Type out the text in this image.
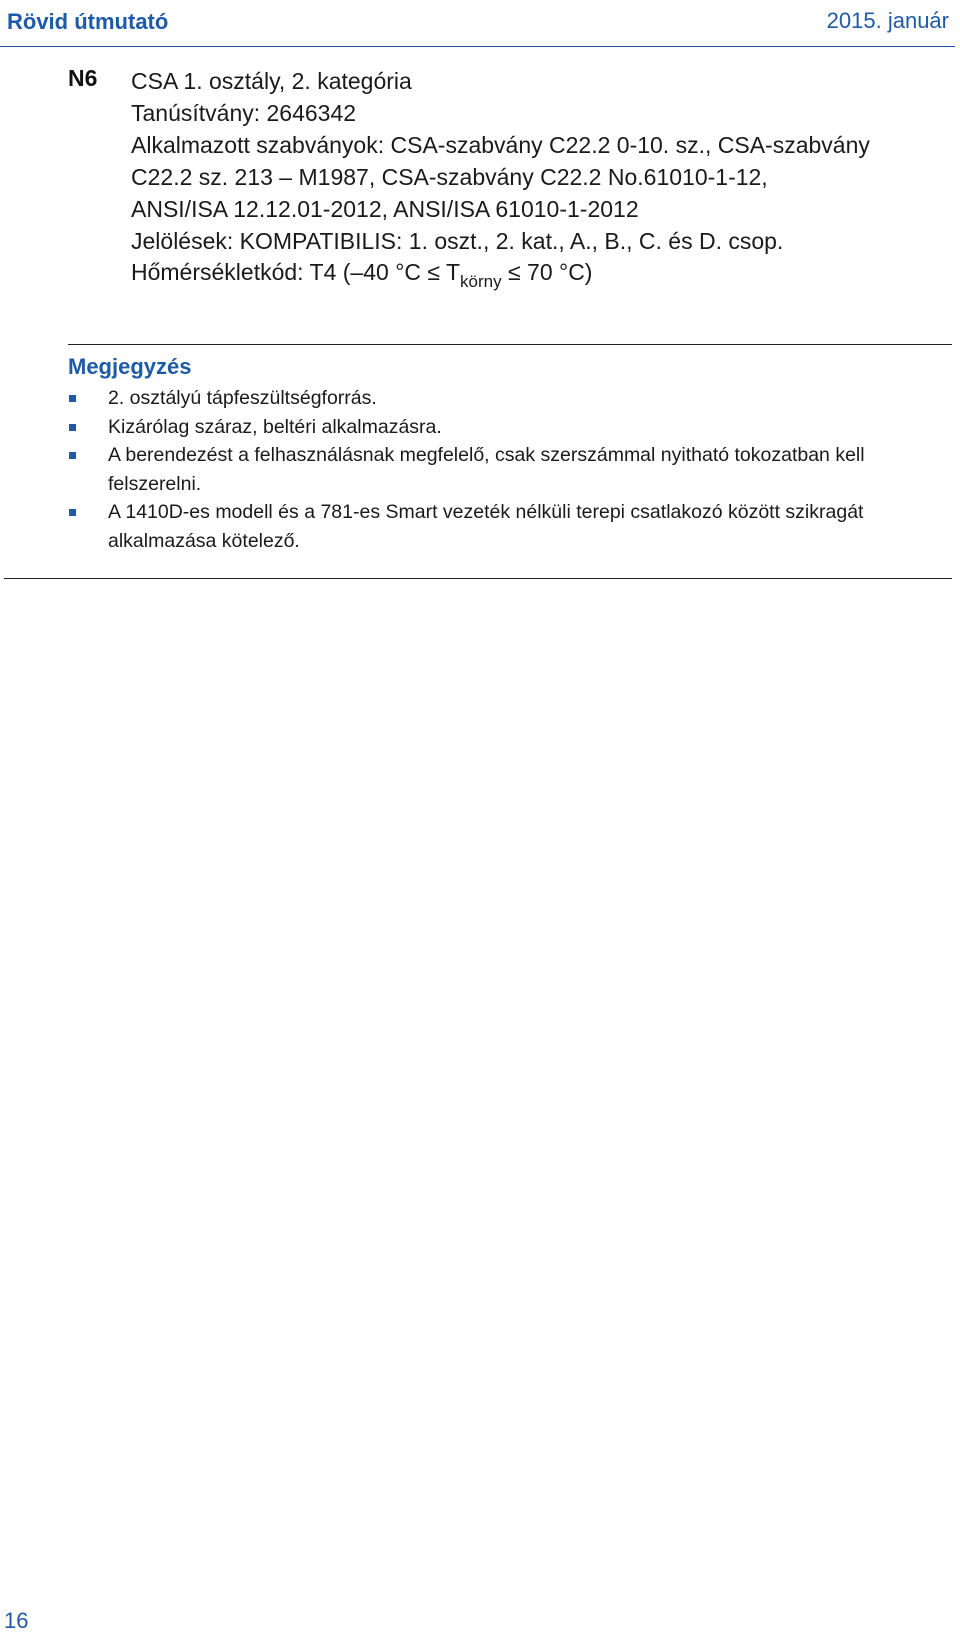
Rövid útmutató	2015. január
N6 CSA 1. osztály, 2. kategória
Tanúsítvány: 2646342
Alkalmazott szabványok: CSA-szabvány C22.2 0-10. sz., CSA-szabvány
C22.2 sz. 213 – M1987, CSA-szabvány C22.2 No.61010-1-12,
ANSI/ISA 12.12.01-2012, ANSI/ISA 61010-1-2012
Jelölések: KOMPATIBILIS: 1. oszt., 2. kat., A., B., C. és D. csop.
Hőmérsékletkód: T4 (–40 $^\circ C \le T_{körny} \le 70$ °C)
Megjegyzés
2. osztályú tápfeszültségforrás.
Kizárólag száraz, beltéri alkalmazásra.
A berendezést a felhasználásnak megfelelő, csak szerszámmal nyitható tokozatban kell felszerelni.
A 1410D-es modell és a 781-es Smart vezeték nélküli terepi csatlakozó között szikragát alkalmazása kötelező.
16
